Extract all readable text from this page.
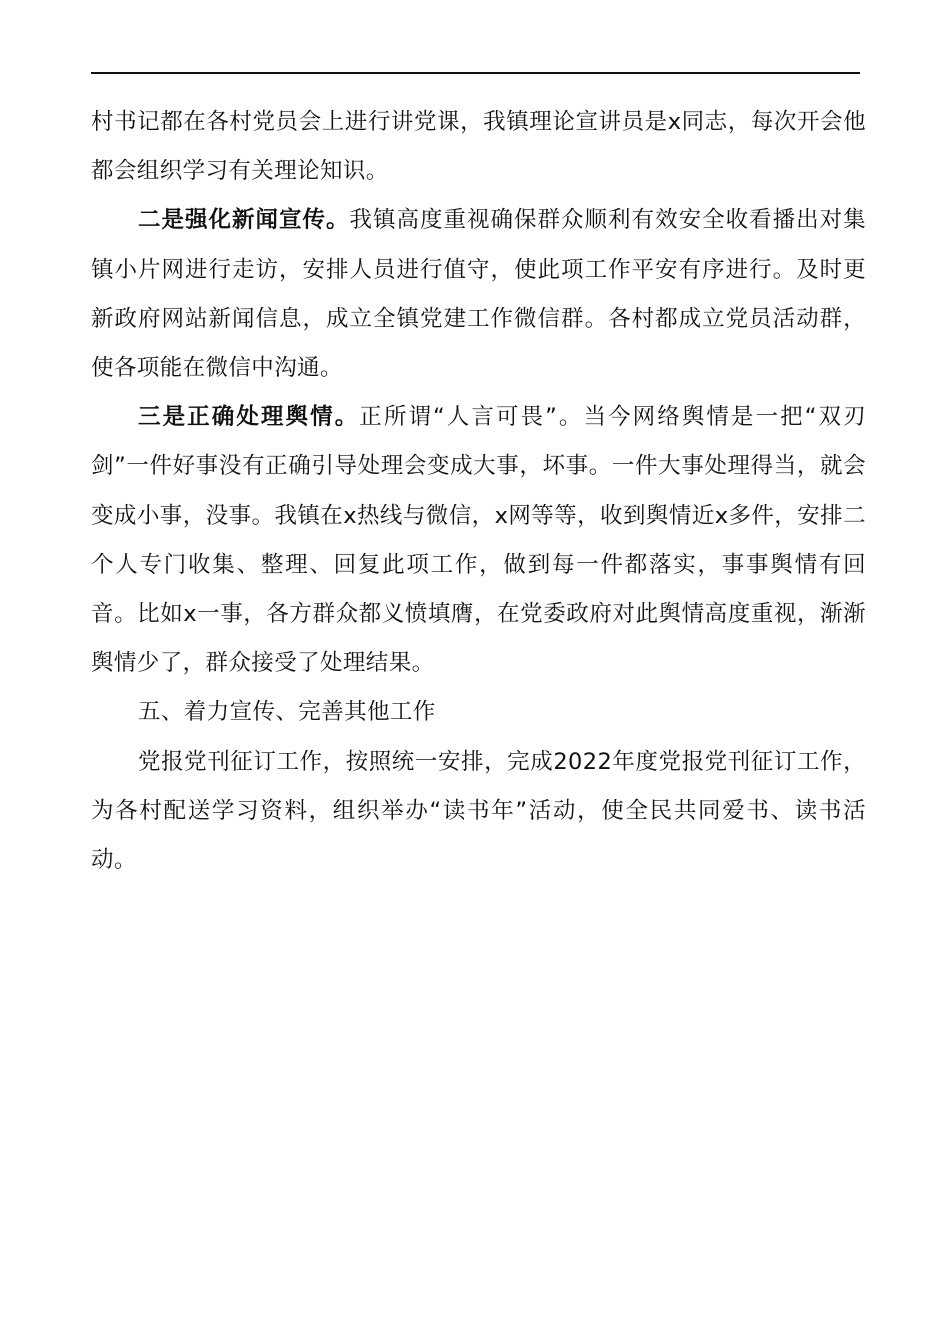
村书记都在各村党员会上进行讲党课，我镇理论宣讲员是x同志，每次开会他都会组织学习有关理论知识。

二是强化新闻宣传。我镇高度重视确保群众顺利有效安全收看播出对集镇小片网进行走访，安排人员进行值守，使此项工作平安有序进行。及时更新政府网站新闻信息，成立全镇党建工作微信群。各村都成立党员活动群，使各项能在微信中沟通。

三是正确处理舆情。正所谓“人言可畏”。当今网络舆情是一把“双刃剑”一件好事没有正确引导处理会变成大事，坏事。一件大事处理得当，就会变成小事，没事。我镇在x热线与微信，x网等等，收到舆情近x多件，安排二个人专门收集、整理、回复此项工作，做到每一件都落实，事事舆情有回音。比如x一事，各方群众都义愤填膺，在党委政府对此舆情高度重视，渐渐舆情少了，群众接受了处理结果。

五、着力宣传、完善其他工作

党报党刊征订工作，按照统一安排，完成2022年度党报党刊征订工作，为各村配送学习资料，组织举办“读书年”活动，使全民共同爱书、读书活动。
